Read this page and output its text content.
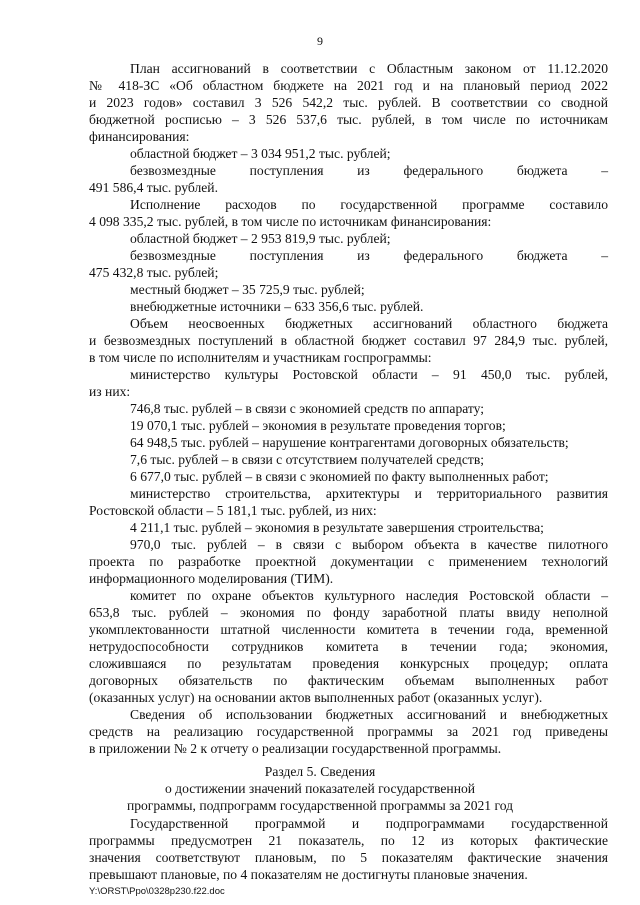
9
План ассигнований в соответствии с Областным законом от 11.12.2020
№ 418-ЗС «Об областном бюджете на 2021 год и на плановый период 2022
и 2023 годов» составил 3 526 542,2 тыс. рублей. В соответствии со сводной
бюджетной росписью – 3 526 537,6 тыс. рублей, в том числе по источникам
финансирования:
областной бюджет – 3 034 951,2 тыс. рублей;
безвозмездные поступления из федерального бюджета –
491 586,4 тыс. рублей.
Исполнение расходов по государственной программе составило
4 098 335,2 тыс. рублей, в том числе по источникам финансирования:
областной бюджет – 2 953 819,9 тыс. рублей;
безвозмездные поступления из федерального бюджета –
475 432,8 тыс. рублей;
местный бюджет – 35 725,9 тыс. рублей;
внебюджетные источники – 633 356,6 тыс. рублей.
Объем неосвоенных бюджетных ассигнований областного бюджета
и безвозмездных поступлений в областной бюджет составил 97 284,9 тыс. рублей,
в том числе по исполнителям и участникам госпрограммы:
министерство культуры Ростовской области – 91 450,0 тыс. рублей,
из них:
746,8 тыс. рублей – в связи с экономией средств по аппарату;
19 070,1 тыс. рублей – экономия в результате проведения торгов;
64 948,5 тыс. рублей – нарушение контрагентами договорных обязательств;
7,6 тыс. рублей – в связи с отсутствием получателей средств;
6 677,0 тыс. рублей – в связи с экономией по факту выполненных работ;
министерство строительства, архитектуры и территориального развития
Ростовской области – 5 181,1 тыс. рублей, из них:
4 211,1 тыс. рублей – экономия в результате завершения строительства;
970,0 тыс. рублей – в связи с выбором объекта в качестве пилотного
проекта по разработке проектной документации с применением технологий
информационного моделирования (ТИМ).
комитет по охране объектов культурного наследия Ростовской области –
653,8 тыс. рублей – экономия по фонду заработной платы ввиду неполной
укомплектованности штатной численности комитета в течении года, временной
нетрудоспособности сотрудников комитета в течении года; экономия,
сложившаяся по результатам проведения конкурсных процедур; оплата
договорных обязательств по фактическим объемам выполненных работ
(оказанных услуг) на основании актов выполненных работ (оказанных услуг).
Сведения об использовании бюджетных ассигнований и внебюджетных
средств на реализацию государственной программы за 2021 год приведены
в приложении № 2 к отчету о реализации государственной программы.
Раздел 5. Сведения
о достижении значений показателей государственной
программы, подпрограмм государственной программы за 2021 год
Государственной программой и подпрограммами государственной
программы предусмотрен 21 показатель, по 12 из которых фактические
значения соответствуют плановым, по 5 показателям фактические значения
превышают плановые, по 4 показателям не достигнуты плановые значения.
Y:\ORST\Ppo\0328p230.f22.doc
